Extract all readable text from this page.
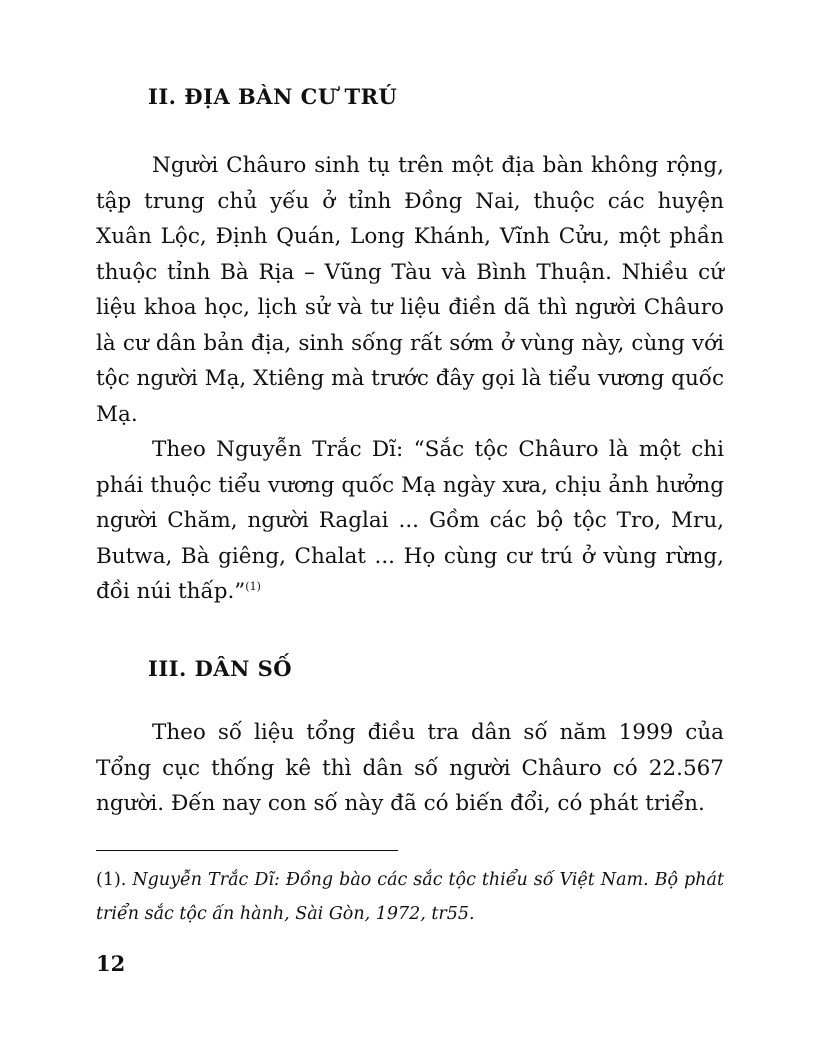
II. ĐỊA BÀN CƯ TRÚ

Người Châuro sinh tụ trên một địa bàn không rộng, tập trung chủ yếu ở tỉnh Đồng Nai, thuộc các huyện Xuân Lộc, Định Quán, Long Khánh, Vĩnh Cửu, một phần thuộc tỉnh Bà Rịa – Vũng Tàu và Bình Thuận. Nhiều cứ liệu khoa học, lịch sử và tư liệu điền dã thì người Châuro là cư dân bản địa, sinh sống rất sớm ở vùng này, cùng với tộc người Mạ, Xtiêng mà trước đây gọi là tiểu vương quốc Mạ.

Theo Nguyễn Trắc Dĩ: “Sắc tộc Châuro là một chi phái thuộc tiểu vương quốc Mạ ngày xưa, chịu ảnh hưởng người Chăm, người Raglai ... Gồm các bộ tộc Tro, Mru, Butwa, Bà giêng, Chalat ... Họ cùng cư trú ở vùng rừng, đồi núi thấp.”$^{(1)}$

III. DÂN SỐ

Theo số liệu tổng điều tra dân số năm 1999 của Tổng cục thống kê thì dân số người Châuro có 22.567 người. Đến nay con số này đã có biến đổi, có phát triển.

(1). Nguyễn Trắc Dĩ: Đồng bào các sắc tộc thiểu số Việt Nam. Bộ phát triển sắc tộc ấn hành, Sài Gòn, 1972, tr55.

12
